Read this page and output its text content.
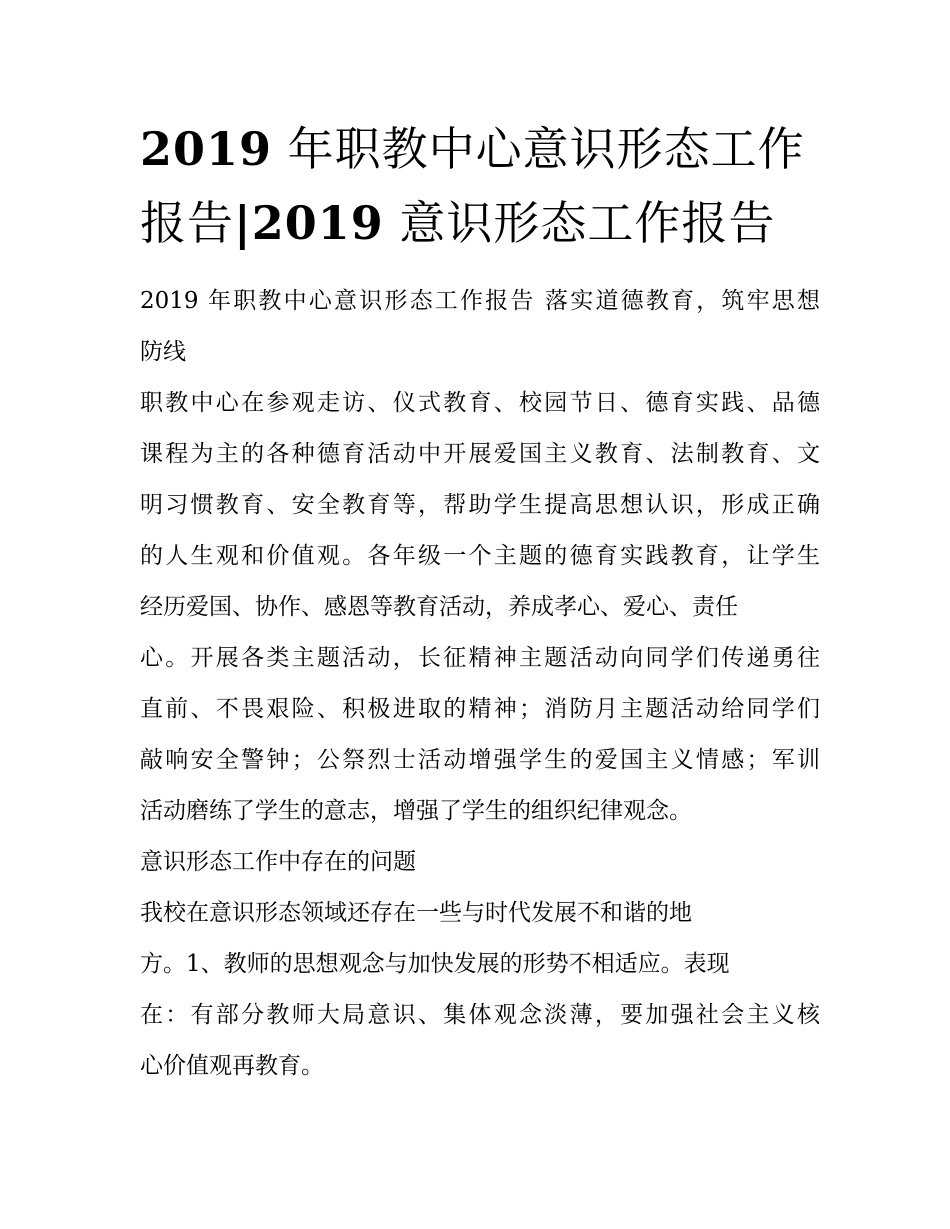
2019 年职教中心意识形态工作
报告|2019 意识形态工作报告
2019 年职教中心意识形态工作报告 落实道德教育，筑牢思想
防线
职教中心在参观走访、仪式教育、校园节日、德育实践、品德
课程为主的各种德育活动中开展爱国主义教育、法制教育、文
明习惯教育、安全教育等，帮助学生提高思想认识，形成正确
的人生观和价值观。各年级一个主题的德育实践教育，让学生
经历爱国、协作、感恩等教育活动，养成孝心、爱心、责任
心。开展各类主题活动，长征精神主题活动向同学们传递勇往
直前、不畏艰险、积极进取的精神；消防月主题活动给同学们
敲响安全警钟；公祭烈士活动增强学生的爱国主义情感；军训
活动磨练了学生的意志，增强了学生的组织纪律观念。
意识形态工作中存在的问题
我校在意识形态领域还存在一些与时代发展不和谐的地
方。1、教师的思想观念与加快发展的形势不相适应。表现
在：有部分教师大局意识、集体观念淡薄，要加强社会主义核
心价值观再教育。
